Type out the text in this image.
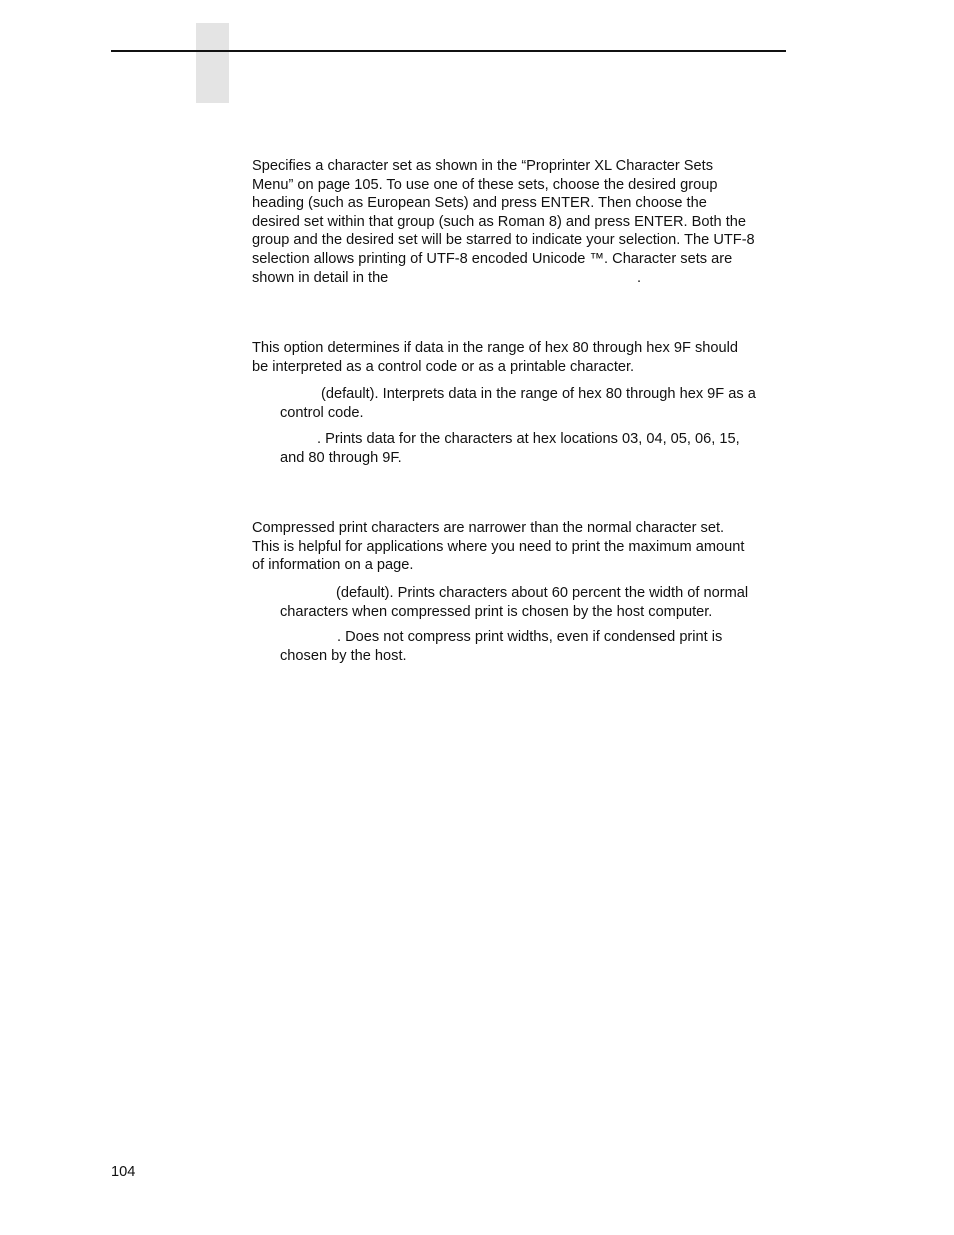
Specifies a character set as shown in the “Proprinter XL Character Sets
Menu” on page 105. To use one of these sets, choose the desired group
heading (such as European Sets) and press ENTER. Then choose the
desired set within that group (such as Roman 8) and press ENTER. Both the
group and the desired set will be starred to indicate your selection. The UTF-8
selection allows printing of UTF-8 encoded Unicode ™. Character sets are
shown in detail in the	.

This option determines if data in the range of hex 80 through hex 9F should
be interpreted as a control code or as a printable character.

(default). Interprets data in the range of hex 80 through hex 9F as a
control code.

. Prints data for the characters at hex locations 03, 04, 05, 06, 15,
and 80 through 9F.

Compressed print characters are narrower than the normal character set.
This is helpful for applications where you need to print the maximum amount
of information on a page.

(default). Prints characters about 60 percent the width of normal
characters when compressed print is chosen by the host computer.

. Does not compress print widths, even if condensed print is
chosen by the host.

104
